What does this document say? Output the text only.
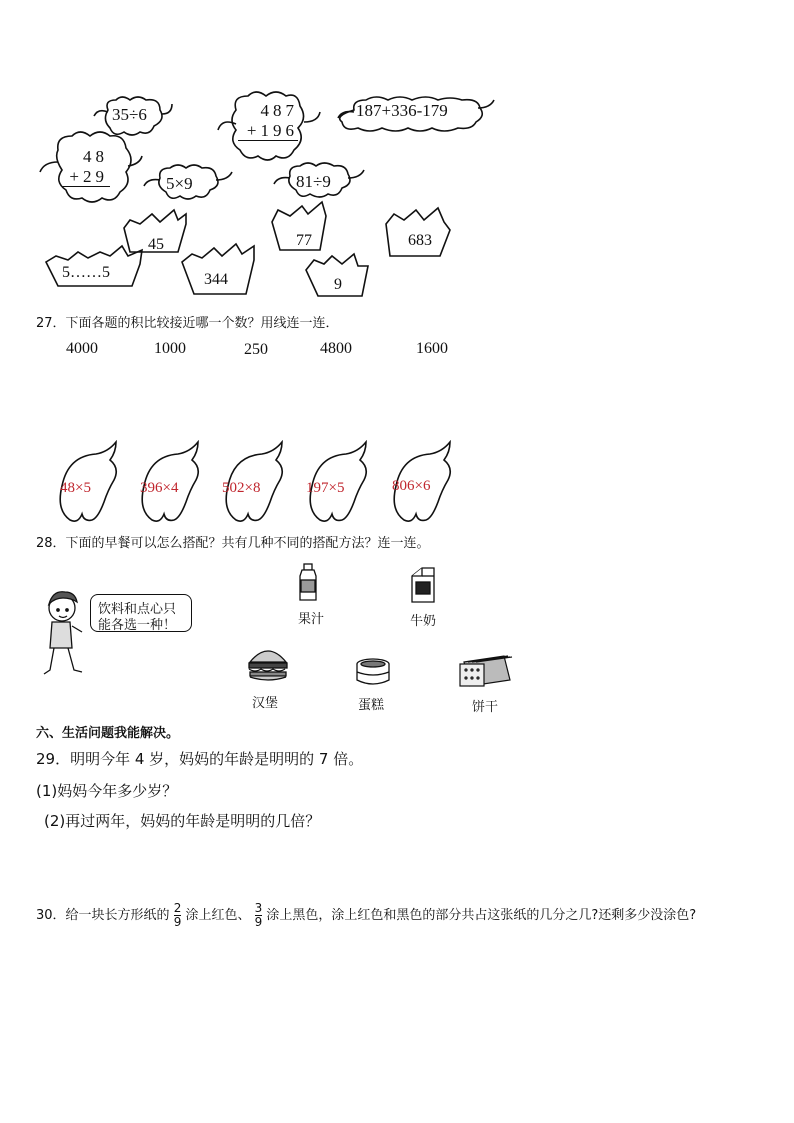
35÷6	487
+196
187+336-179
48
+29	5×9	81÷9
45	77	683
5……5	344	9
27．下面各题的积比较接近哪一个数？用线连一连．
4000	1000	250	4800	1600
48×5	396×4	502×8	197×5	806×6
28．下面的早餐可以怎么搭配？共有几种不同的搭配方法？连一连。
饮料和点心只
能各选一种！	果汁	牛奶
汉堡	蛋糕	饼干
六、生活问题我能解决。
29．明明今年 4 岁，妈妈的年龄是明明的 7 倍。
(1)妈妈今年多少岁？
(2)再过两年，妈妈的年龄是明明的几倍？
30．给一块长方形纸的 $\frac{2}{9}$ 涂上红色、 $\frac{3}{9}$ 涂上黑色，涂上红色和黑色的部分共占这张纸的几分之几?还剩多少没涂色?
